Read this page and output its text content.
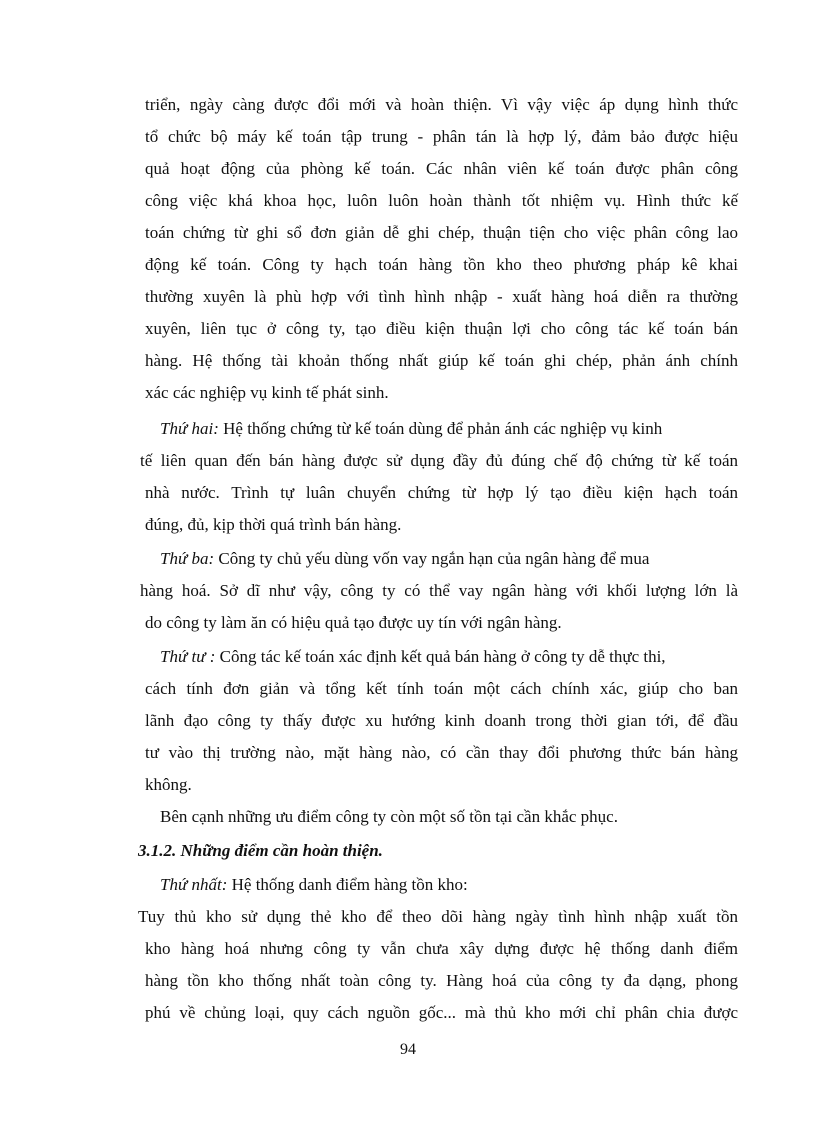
triển, ngày càng được đổi mới và hoàn thiện. Vì vậy việc áp dụng hình thức
tổ chức bộ máy kế toán tập trung - phân tán là hợp lý, đảm bảo được hiệu
quả hoạt động của phòng kế toán. Các nhân viên kế toán được phân công
công việc khá khoa học, luôn luôn hoàn thành tốt nhiệm vụ. Hình thức kế
toán chứng từ ghi sổ đơn giản dễ ghi chép, thuận tiện cho việc phân công lao
động kế toán. Công ty hạch toán hàng tồn kho theo phương pháp kê khai
thường xuyên là phù hợp với tình hình nhập - xuất hàng hoá diễn ra thường
xuyên, liên tục ở công ty, tạo điều kiện thuận lợi cho công tác kế toán bán
hàng. Hệ thống tài khoản thống nhất giúp kế toán ghi chép, phản ánh chính
xác các nghiệp vụ kinh tế phát sinh.
Thứ hai: Hệ thống chứng từ kế toán dùng để phản ánh các nghiệp vụ kinh
tế liên quan đến bán hàng được sử dụng đầy đủ đúng chế độ chứng từ kế toán
nhà nước. Trình tự luân chuyển chứng từ hợp lý tạo điều kiện hạch toán
đúng, đủ, kịp thời quá trình bán hàng.
Thứ ba: Công ty chủ yếu dùng vốn vay ngắn hạn của ngân hàng để mua
hàng hoá. Sở dĩ như vậy, công ty có thể vay ngân hàng với khối lượng lớn là
do công ty làm ăn có hiệu quả tạo được uy tín với ngân hàng.
Thứ tư : Công tác kế toán xác định kết quả bán hàng ở công ty dễ thực thi,
cách tính đơn giản và tổng kết tính toán một cách chính xác, giúp cho ban
lãnh đạo công ty thấy được xu hướng kinh doanh trong thời gian tới, để đầu
tư vào thị trường nào, mặt hàng nào, có cần thay đổi phương thức bán hàng
không.
Bên cạnh những ưu điểm công ty còn một số tồn tại cần khắc phục.
3.1.2. Những điểm cần hoàn thiện.
Thứ nhất: Hệ thống danh điểm hàng tồn kho:
Tuy thủ kho sử dụng thẻ kho để theo dõi hàng ngày tình hình nhập xuất tồn
kho hàng hoá nhưng công ty vẫn chưa xây dựng được hệ thống danh điểm
hàng tồn kho thống nhất toàn công ty. Hàng hoá của công ty đa dạng, phong
phú về chủng loại, quy cách nguồn gốc... mà thủ kho mới chỉ phân chia được
94
